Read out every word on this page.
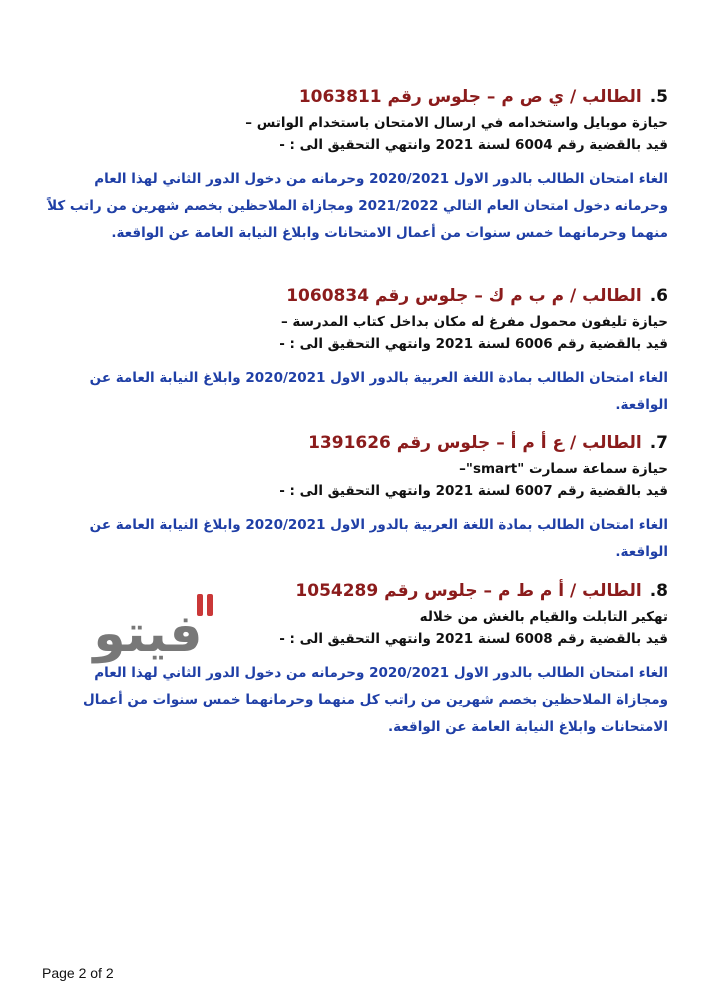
5.الطالب / ي ص م – جلوس رقم 1063811
حيازة موبايل واستخدامه في ارسال الامتحان باستخدام الواتس –
قيد بالقضية رقم 6004 لسنة 2021 وانتهي التحقيق الى : -
الغاء امتحان الطالب بالدور الاول 2020/2021 وحرمانه من دخول الدور الثاني لهذا العام وحرمانه دخول امتحان العام التالي 2021/2022 ومجازاة الملاحظين بخصم شهرين من راتب كلاً منهما وحرمانهما خمس سنوات من أعمال الامتحانات وابلاغ النيابة العامة عن الواقعة.
6.الطالب / م ب م ك – جلوس رقم 1060834
حيازة تليفون محمول مفرغ له مكان بداخل كتاب المدرسة –
قيد بالقضية رقم 6006 لسنة 2021 وانتهي التحقيق الى : -
الغاء امتحان الطالب بمادة اللغة العربية بالدور الاول 2020/2021 وابلاغ النيابة العامة عن الواقعة.
7.الطالب / ع أ م أ – جلوس رقم 1391626
حيازة سماعة سمارت "smart"–
قيد بالقضية رقم 6007 لسنة 2021 وانتهي التحقيق الى : -
الغاء امتحان الطالب بمادة اللغة العربية بالدور الاول 2020/2021 وابلاغ النيابة العامة عن الواقعة.
8.الطالب / أ م ط م – جلوس رقم 1054289
تهكير التابلت والقيام بالغش من خلاله
قيد بالقضية رقم 6008 لسنة 2021 وانتهي التحقيق الى : -
الغاء امتحان الطالب بالدور الاول 2020/2021 وحرمانه من دخول الدور الثاني لهذا العام ومجازاة الملاحظين بخصم شهرين من راتب كل منهما وحرمانهما خمس سنوات من أعمال الامتحانات وابلاغ النيابة العامة عن الواقعة.
فيتو
Page 2 of 2
